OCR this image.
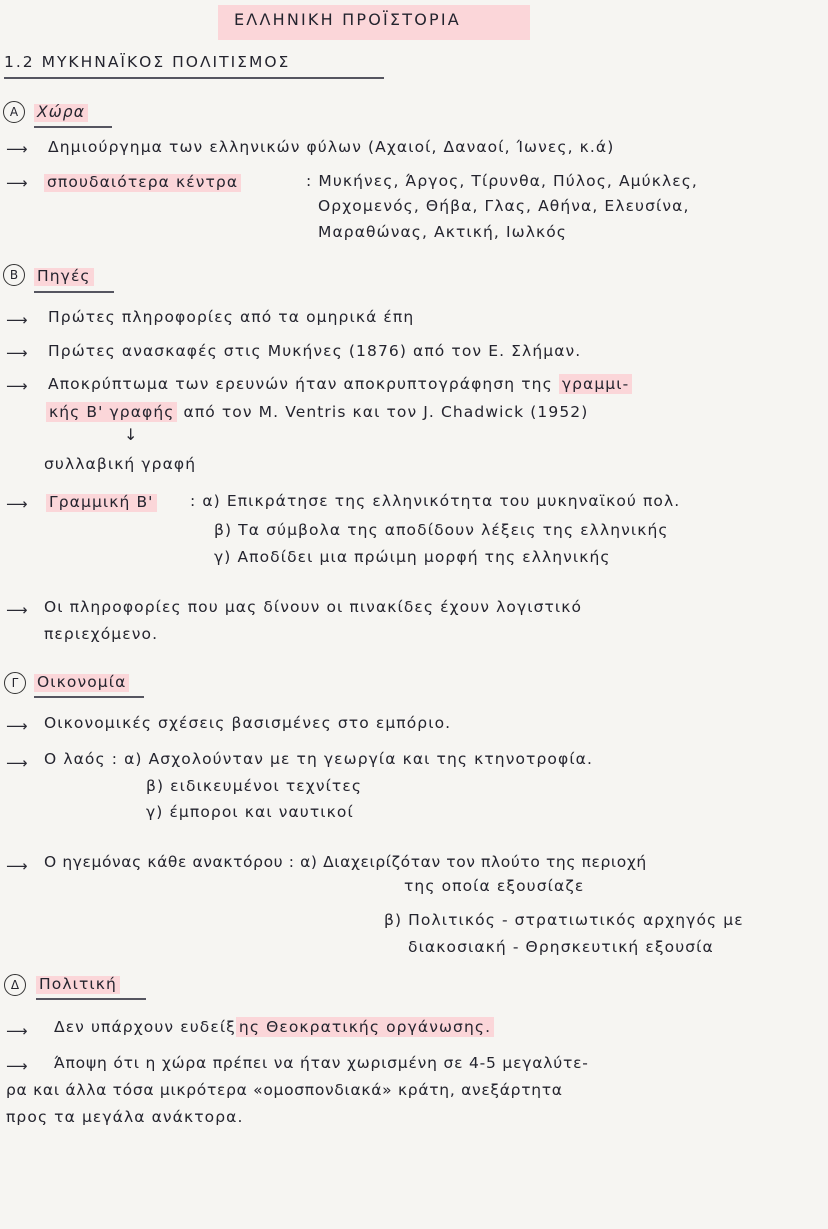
ΕΛΛΗΝΙΚΗ ΠΡΟΪΣΤΟΡΙΑ
1.2 ΜΥΚΗΝΑΪΚΟΣ ΠΟΛΙΤΙΣΜΟΣ
A Χώρα
⟶ Δημιούργημα των ελληνικών φύλων (Αχαιοί, Δαναοί, Ίωνες, κ.ά)
⟶ σπουδαιότερα κέντρα	: Μυκήνες, Άργος, Τίρυνθα, Πύλος, Αμύκλες,
Ορχομενός, Θήβα, Γλας, Αθήνα, Ελευσίνα,
Μαραθώνας, Ακτική, Ιωλκός
B Πηγές
⟶ Πρώτες πληροφορίες από τα ομηρικά έπη
⟶ Πρώτες ανασκαφές στις Μυκήνες (1876) από τον Ε. Σλήμαν.
⟶ Αποκρύπτωμα των ερευνών ήταν αποκρυπτογράφηση της γραμμι-
κής Β' γραφής από τον Μ. Ventris και τον J. Chadwick (1952)
↓
συλλαβική γραφή
⟶ Γραμμική Β' : α) Επικράτησε της ελληνικότητα του μυκηναϊκού πολ.
β) Τα σύμβολα της αποδίδουν λέξεις της ελληνικής
γ) Αποδίδει μια πρώιμη μορφή της ελληνικής
⟶ Οι πληροφορίες που μας δίνουν οι πινακίδες έχουν λογιστικό
περιεχόμενο.
Γ Οικονομία
⟶ Οικονομικές σχέσεις βασισμένες στο εμπόριο.
⟶ Ο λαός : α) Ασχολούνταν με τη γεωργία και της κτηνοτροφία.
β) ειδικευμένοι τεχνίτες
γ) έμποροι και ναυτικοί
⟶ Ο ηγεμόνας κάθε ανακτόρου : α) Διαχειρίζόταν τον πλούτο της περιοχή
της οποία εξουσίαζε
β) Πολιτικός - στρατιωτικός αρχηγός με
διακοσιακή - Θρησκευτική εξουσία
Δ Πολιτική
⟶ Δεν υπάρχουν ευδείξ ης Θεοκρατικής οργάνωσης.
⟶ Άποψη ότι η χώρα πρέπει να ήταν χωρισμένη σε 4-5 μεγαλύτε-
ρα και άλλα τόσα μικρότερα «ομοσπονδιακά» κράτη, ανεξάρτητα
προς τα μεγάλα ανάκτορα.
